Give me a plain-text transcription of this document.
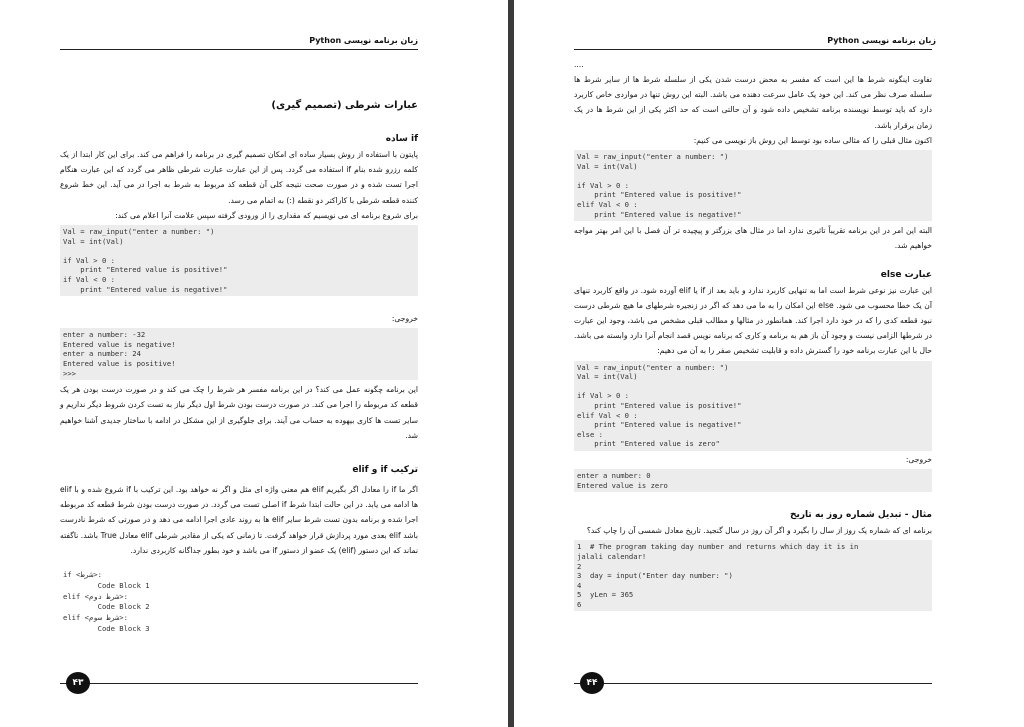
زبان برنامه نویسی Python

عبارات شرطی (تصمیم گیری)

if ساده

پایتون با استفاده از روش بسیار ساده ای امکان تصمیم گیری در برنامه را فراهم می کند. برای این کار ابتدا از یک کلمه رزرو شده بنام if استفاده می گردد. پس از این عبارت عبارت شرطی ظاهر می گردد که این عبارت هنگام اجرا تست شده و در صورت صحت نتیجه کلی آن قطعه کد مربوط به شرط به اجرا در می آید. این خط شروع کننده قطعه شرطی با کاراکتر دو نقطه (:) به اتمام می رسد.

برای شروع برنامه ای می نویسیم که مقداری را از ورودی گرفته سپس علامت آنرا اعلام می کند:

Val = raw_input("enter a number: ")
Val = int(Val)

if Val > 0 :
print "Entered value is positive!"
if Val < 0 :
print "Entered value is negative!"

خروجی:

enter a number: -32
Entered value is negative!
enter a number: 24
Entered value is positive!
>>>

این برنامه چگونه عمل می کند؟ در این برنامه مفسر هر شرط را چک می کند و در صورت درست بودن هر یک قطعه کد مربوطه را اجرا می کند. در صورت درست بودن شرط اول دیگر نیاز به تست کردن شروط دیگر نداریم و سایر تست ها کاری بیهوده به حساب می آیند. برای جلوگیری از این مشکل در ادامه با ساختار جدیدی آشنا خواهیم شد.

ترکیب if و elif

اگر ما if را معادل اگر بگیریم elif هم معنی واژه ای مثل و اگر نه خواهد بود. این ترکیب با if شروع شده و با elif ها ادامه می یابد. در این حالت ابتدا شرط if اصلی تست می گردد. در صورت درست بودن شرط قطعه کد مربوطه اجرا شده و برنامه بدون تست شرط سایر elif ها به روند عادی اجرا ادامه می دهد و در صورتی که شرط نادرست باشد elif بعدی مورد پردازش قرار خواهد گرفت. تا زمانی که یکی از مقادیر شرطی elif معادل True باشد. ناگفته نماند که این دستور (elif) یک عضو از دستور if می باشد و خود بطور جداگانه کاربردی ندارد.

if <شرط>:
Code Block 1
elif <شرط دوم>:
Code Block 2
elif <شرط سوم>:
Code Block 3
۴۳
زبان برنامه نویسی Python

....

تفاوت اینگونه شرط ها این است که مفسر به محض درست شدن یکی از سلسله شرط ها از سایر شرط ها سلسله صرف نظر می کند. این خود یک عامل سرعت دهنده می باشد. البته این روش تنها در مواردی خاص کاربرد دارد که باید توسط نویسنده برنامه تشخیص داده شود و آن حالتی است که حد اکثر یکی از این شرط ها در یک زمان برقرار باشد.

اکنون مثال قبلی را که مثالی ساده بود توسط این روش باز نویسی می کنیم:

Val = raw_input("enter a number: ")
Val = int(Val)

if Val > 0 :
print "Entered value is positive!"
elif Val < 0 :
print "Entered value is negative!"

البته این امر در این برنامه تقریباً تاثیری ندارد اما در مثال های بزرگتر و پیچیده تر آن فصل با این امر بهتر مواجه خواهیم شد.

عبارت else

این عبارت نیز نوعی شرط است اما به تنهایی کاربرد ندارد و باید بعد از if یا elif آورده شود. در واقع کاربرد تنهای آن یک خطا محسوب می شود. else این امکان را به ما می دهد که اگر در زنجیره شرطهای ما هیچ شرطی درست نبود قطعه کدی را که در خود دارد اجرا کند. همانطور در مثالها و مطالب قبلی مشخص می باشد، وجود این عبارت در شرطها الزامی نیست و وجود آن باز هم به برنامه و کاری که برنامه نویس قصد انجام آنرا دارد وابسته می باشد. حال با این عبارت برنامه خود را گسترش داده و قابلیت تشخیص صفر را به آن می دهیم:

Val = raw_input("enter a number: ")
Val = int(Val)

if Val > 0 :
print "Entered value is positive!"
elif Val < 0 :
print "Entered value is negative!"
else :
print "Entered value is zero"

خروجی:

enter a number: 0
Entered value is zero

مثال - تبدیل شماره روز به تاریخ

برنامه ای که شماره یک روز از سال را بگیرد و اگر آن روز در سال گنجید. تاریخ معادل شمسی آن را چاپ کند؟

1  # The program taking day number and returns which day it is in
jalali calendar!
2
3  day = input("Enter day number: ")
4
5  yLen = 365
6
۴۴
